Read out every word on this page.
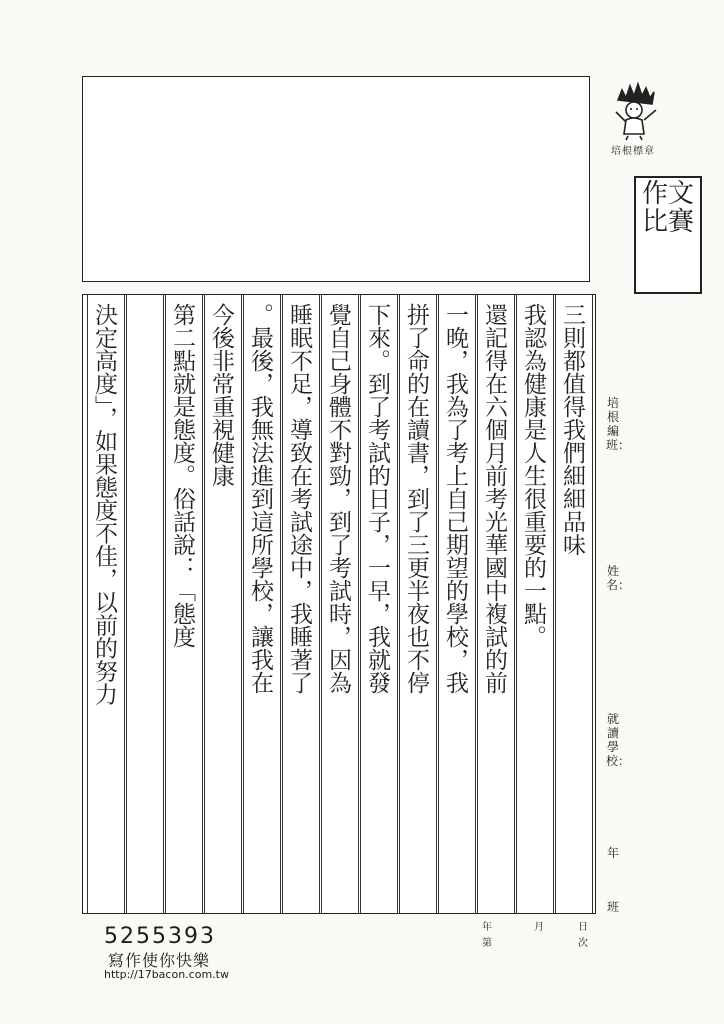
培根標章
作文比賽
三則都值得我們細細品味
我認為健康是人生很重要的一點。
還記得在六個月前考光華國中複試的前
一晚，我為了考上自己期望的學校，我
拼了命的在讀書，到了三更半夜也不停
下來。到了考試的日子，一早，我就發
覺自己身體不對勁，到了考試時，因為
睡眠不足，導致在考試途中，我睡著了
。最後，我無法進到這所學校，讓我在
今後非常重視健康
第二點就是態度。俗話說：「態度
決定高度」，如果態度不佳，以前的努力	培根編班：
姓名：
就讀學校：
年
班
年	月	日
第	次
5255393
寫作使你快樂
http://17bacon.com.tw
